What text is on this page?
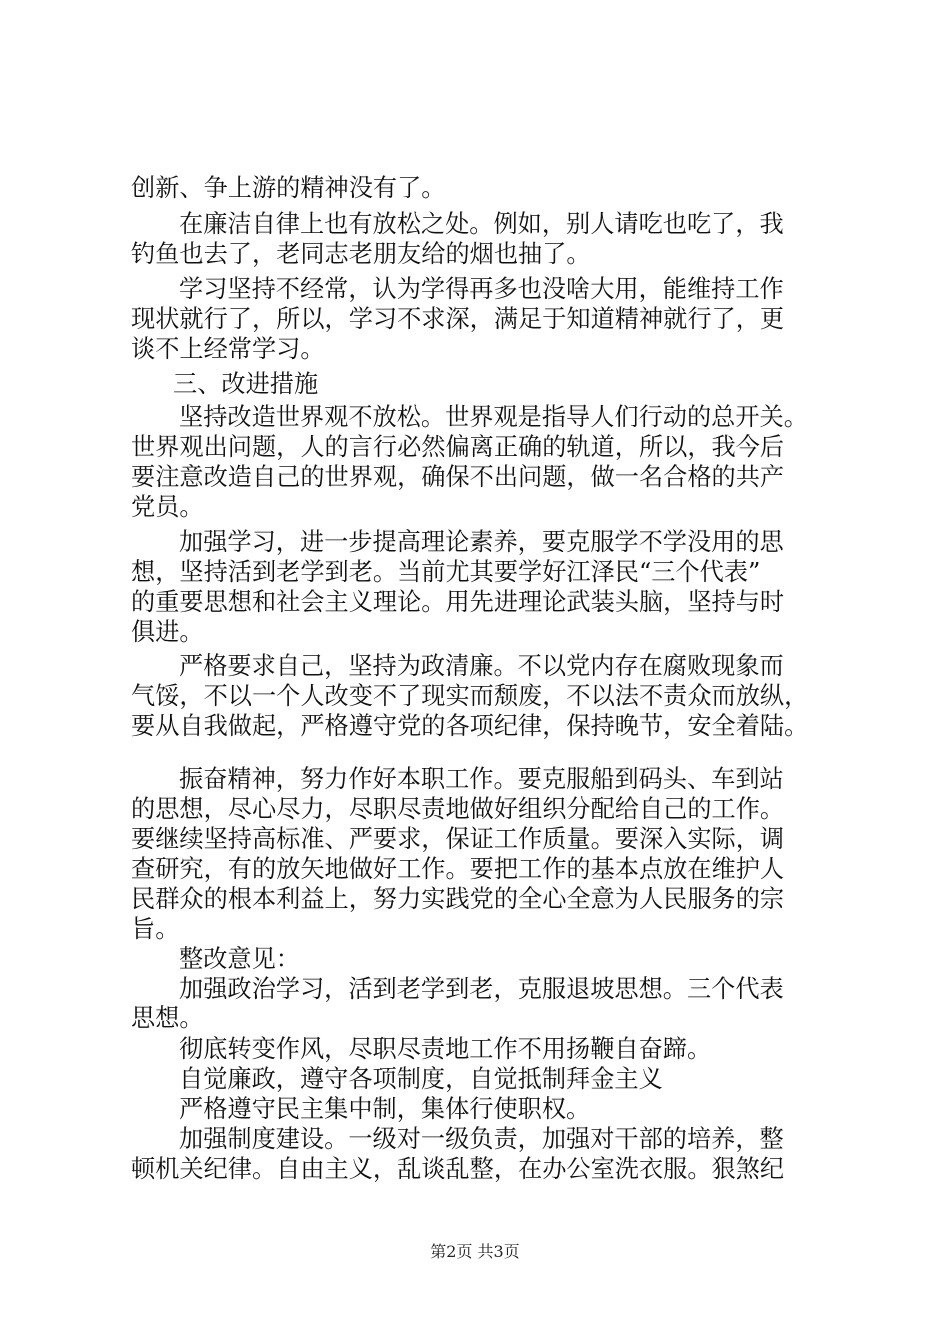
创新、争上游的精神没有了。
在廉洁自律上也有放松之处。例如，别人请吃也吃了，我
钓鱼也去了，老同志老朋友给的烟也抽了。
学习坚持不经常，认为学得再多也没啥大用，能维持工作
现状就行了，所以，学习不求深，满足于知道精神就行了，更
谈不上经常学习。
三、改进措施
坚持改造世界观不放松。世界观是指导人们行动的总开关。
世界观出问题，人的言行必然偏离正确的轨道，所以，我今后
要注意改造自己的世界观，确保不出问题，做一名合格的共产
党员。
加强学习，进一步提高理论素养，要克服学不学没用的思
想，坚持活到老学到老。当前尤其要学好江泽民“三个代表”
的重要思想和社会主义理论。用先进理论武装头脑，坚持与时
俱进。
严格要求自己，坚持为政清廉。不以党内存在腐败现象而
气馁，不以一个人改变不了现实而颓废，不以法不责众而放纵，
要从自我做起，严格遵守党的各项纪律，保持晚节，安全着陆。
振奋精神，努力作好本职工作。要克服船到码头、车到站
的思想，尽心尽力，尽职尽责地做好组织分配给自己的工作。
要继续坚持高标准、严要求，保证工作质量。要深入实际，调
查研究，有的放矢地做好工作。要把工作的基本点放在维护人
民群众的根本利益上，努力实践党的全心全意为人民服务的宗
旨。
整改意见：
加强政治学习，活到老学到老，克服退坡思想。三个代表
思想。
彻底转变作风，尽职尽责地工作不用扬鞭自奋蹄。
自觉廉政，遵守各项制度，自觉抵制拜金主义
严格遵守民主集中制，集体行使职权。
加强制度建设。一级对一级负责，加强对干部的培养，整
顿机关纪律。自由主义，乱谈乱整，在办公室洗衣服。狠煞纪
第2页 共3页
